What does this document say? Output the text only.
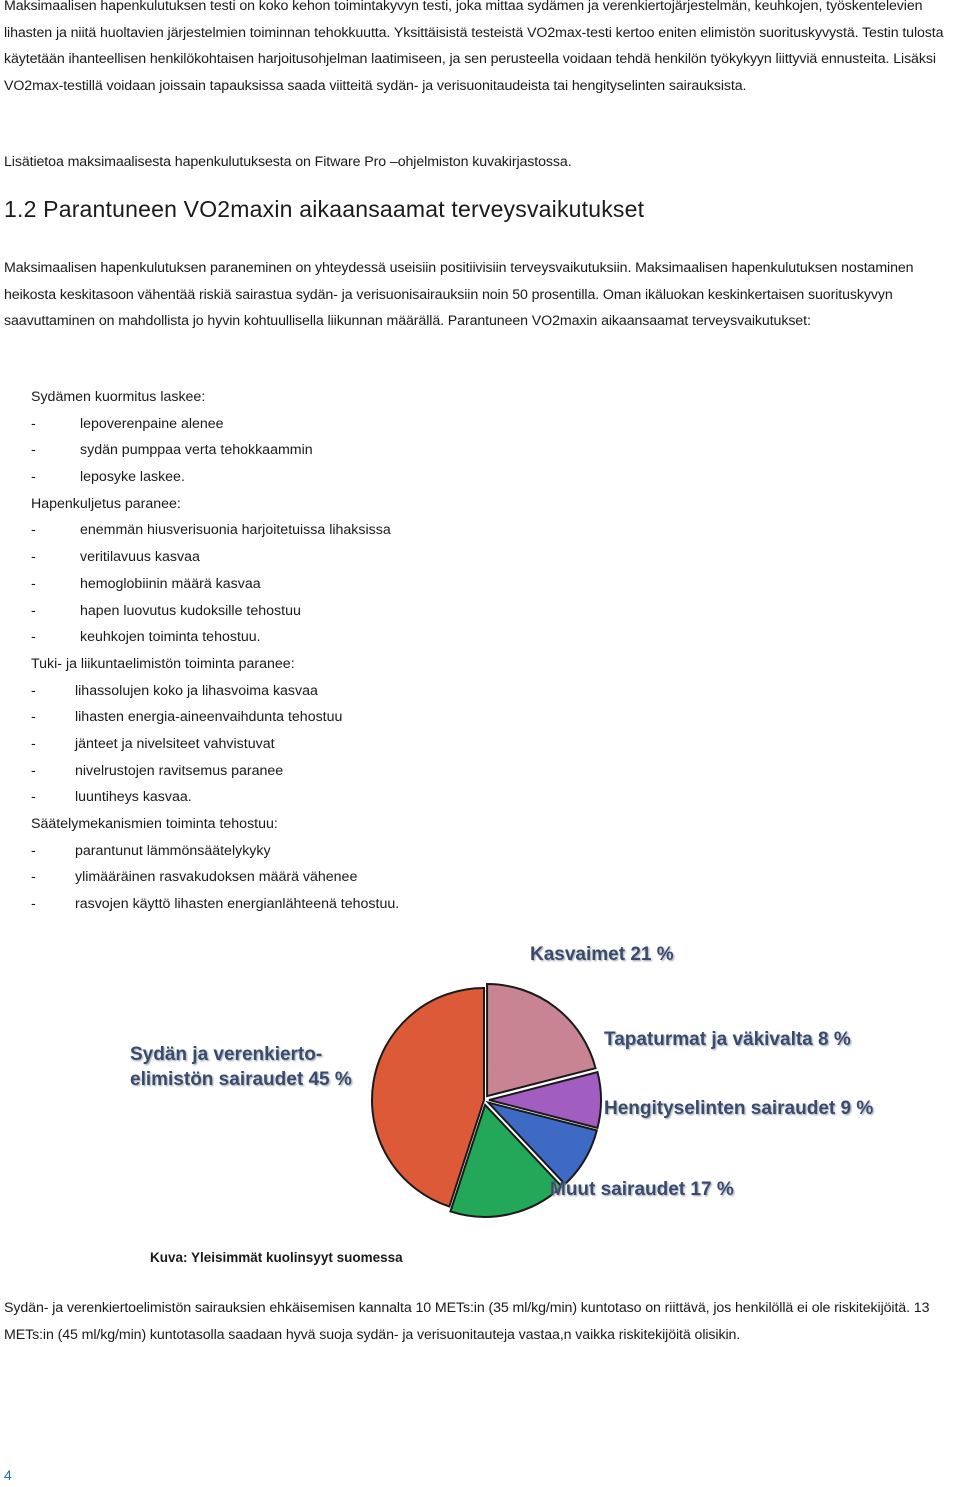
Maksimaalisen hapenkulutuksen testi on koko kehon toimintakyvyn testi, joka mittaa sydämen ja verenkiertojärjestelmän, keuhkojen, työskentelevien lihasten ja niitä huoltavien järjestelmien toiminnan tehokkuutta. Yksittäisistä testeistä VO2max-testi kertoo eniten elimistön suorituskyvystä. Testin tulosta käytetään ihanteellisen henkilökohtaisen harjoitusohjelman laatimiseen, ja sen perusteella voidaan tehdä henkilön työkykyyn liittyviä ennusteita. Lisäksi VO2max-testillä voidaan joissain tapauksissa saada viitteitä sydän- ja verisuonitaudeista tai hengityselinten sairauksista.

Lisätietoa maksimaalisesta hapenkulutuksesta on Fitware Pro –ohjelmiston kuvakirjastossa.

1.2 Parantuneen VO2maxin aikaansaamat terveysvaikutukset

Maksimaalisen hapenkulutuksen paraneminen on yhteydessä useisiin positiivisiin terveysvaikutuksiin. Maksimaalisen hapenkulutuksen nostaminen heikosta keskitasoon vähentää riskiä sairastua sydän- ja verisuonisairauksiin noin 50 prosentilla. Oman ikäluokan keskinkertaisen suorituskyvyn saavuttaminen on mahdollista jo hyvin kohtuullisella liikunnan määrällä. Parantuneen VO2maxin aikaansaamat terveysvaikutukset:

Sydämen kuormitus laskee:
-	lepoverenpaine alenee
-	sydän pumppaa verta tehokkaammin
-	leposyke laskee.
Hapenkuljetus paranee:
-	enemmän hiusverisuonia harjoitetuissa lihaksissa
-	veritilavuus kasvaa
-	hemoglobiinin määrä kasvaa
-	hapen luovutus kudoksille tehostuu
-	keuhkojen toiminta tehostuu.
Tuki- ja liikuntaelimistön toiminta paranee:
-	lihassolujen koko ja lihasvoima kasvaa
-	lihasten energia-aineenvaihdunta tehostuu
-	jänteet ja nivelsiteet vahvistuvat
-	nivelrustojen ravitsemus paranee
-	luuntiheys kasvaa.
Säätelymekanismien toiminta tehostuu:
-	parantunut lämmönsäätelykyky
-	ylimääräinen rasvakudoksen määrä vähenee
-	rasvojen käyttö lihasten energianlähteenä tehostuu.
Kasvaimet 21 %
Tapaturmat ja väkivalta 8 %
Hengityselinten sairaudet 9 %
Muut sairaudet 17 %
Sydän ja verenkierto-
elimistön sairaudet 45 %
Kuva: Yleisimmät kuolinsyyt suomessa

Sydän- ja verenkiertoelimistön sairauksien ehkäisemisen kannalta 10 METs:in (35 ml/kg/min) kuntotaso on riittävä, jos henkilöllä ei ole riskitekijöitä. 13 METs:in (45 ml/kg/min) kuntotasolla saadaan hyvä suoja sydän- ja verisuonitauteja vastaa,n vaikka riskitekijöitä olisikin.

4
